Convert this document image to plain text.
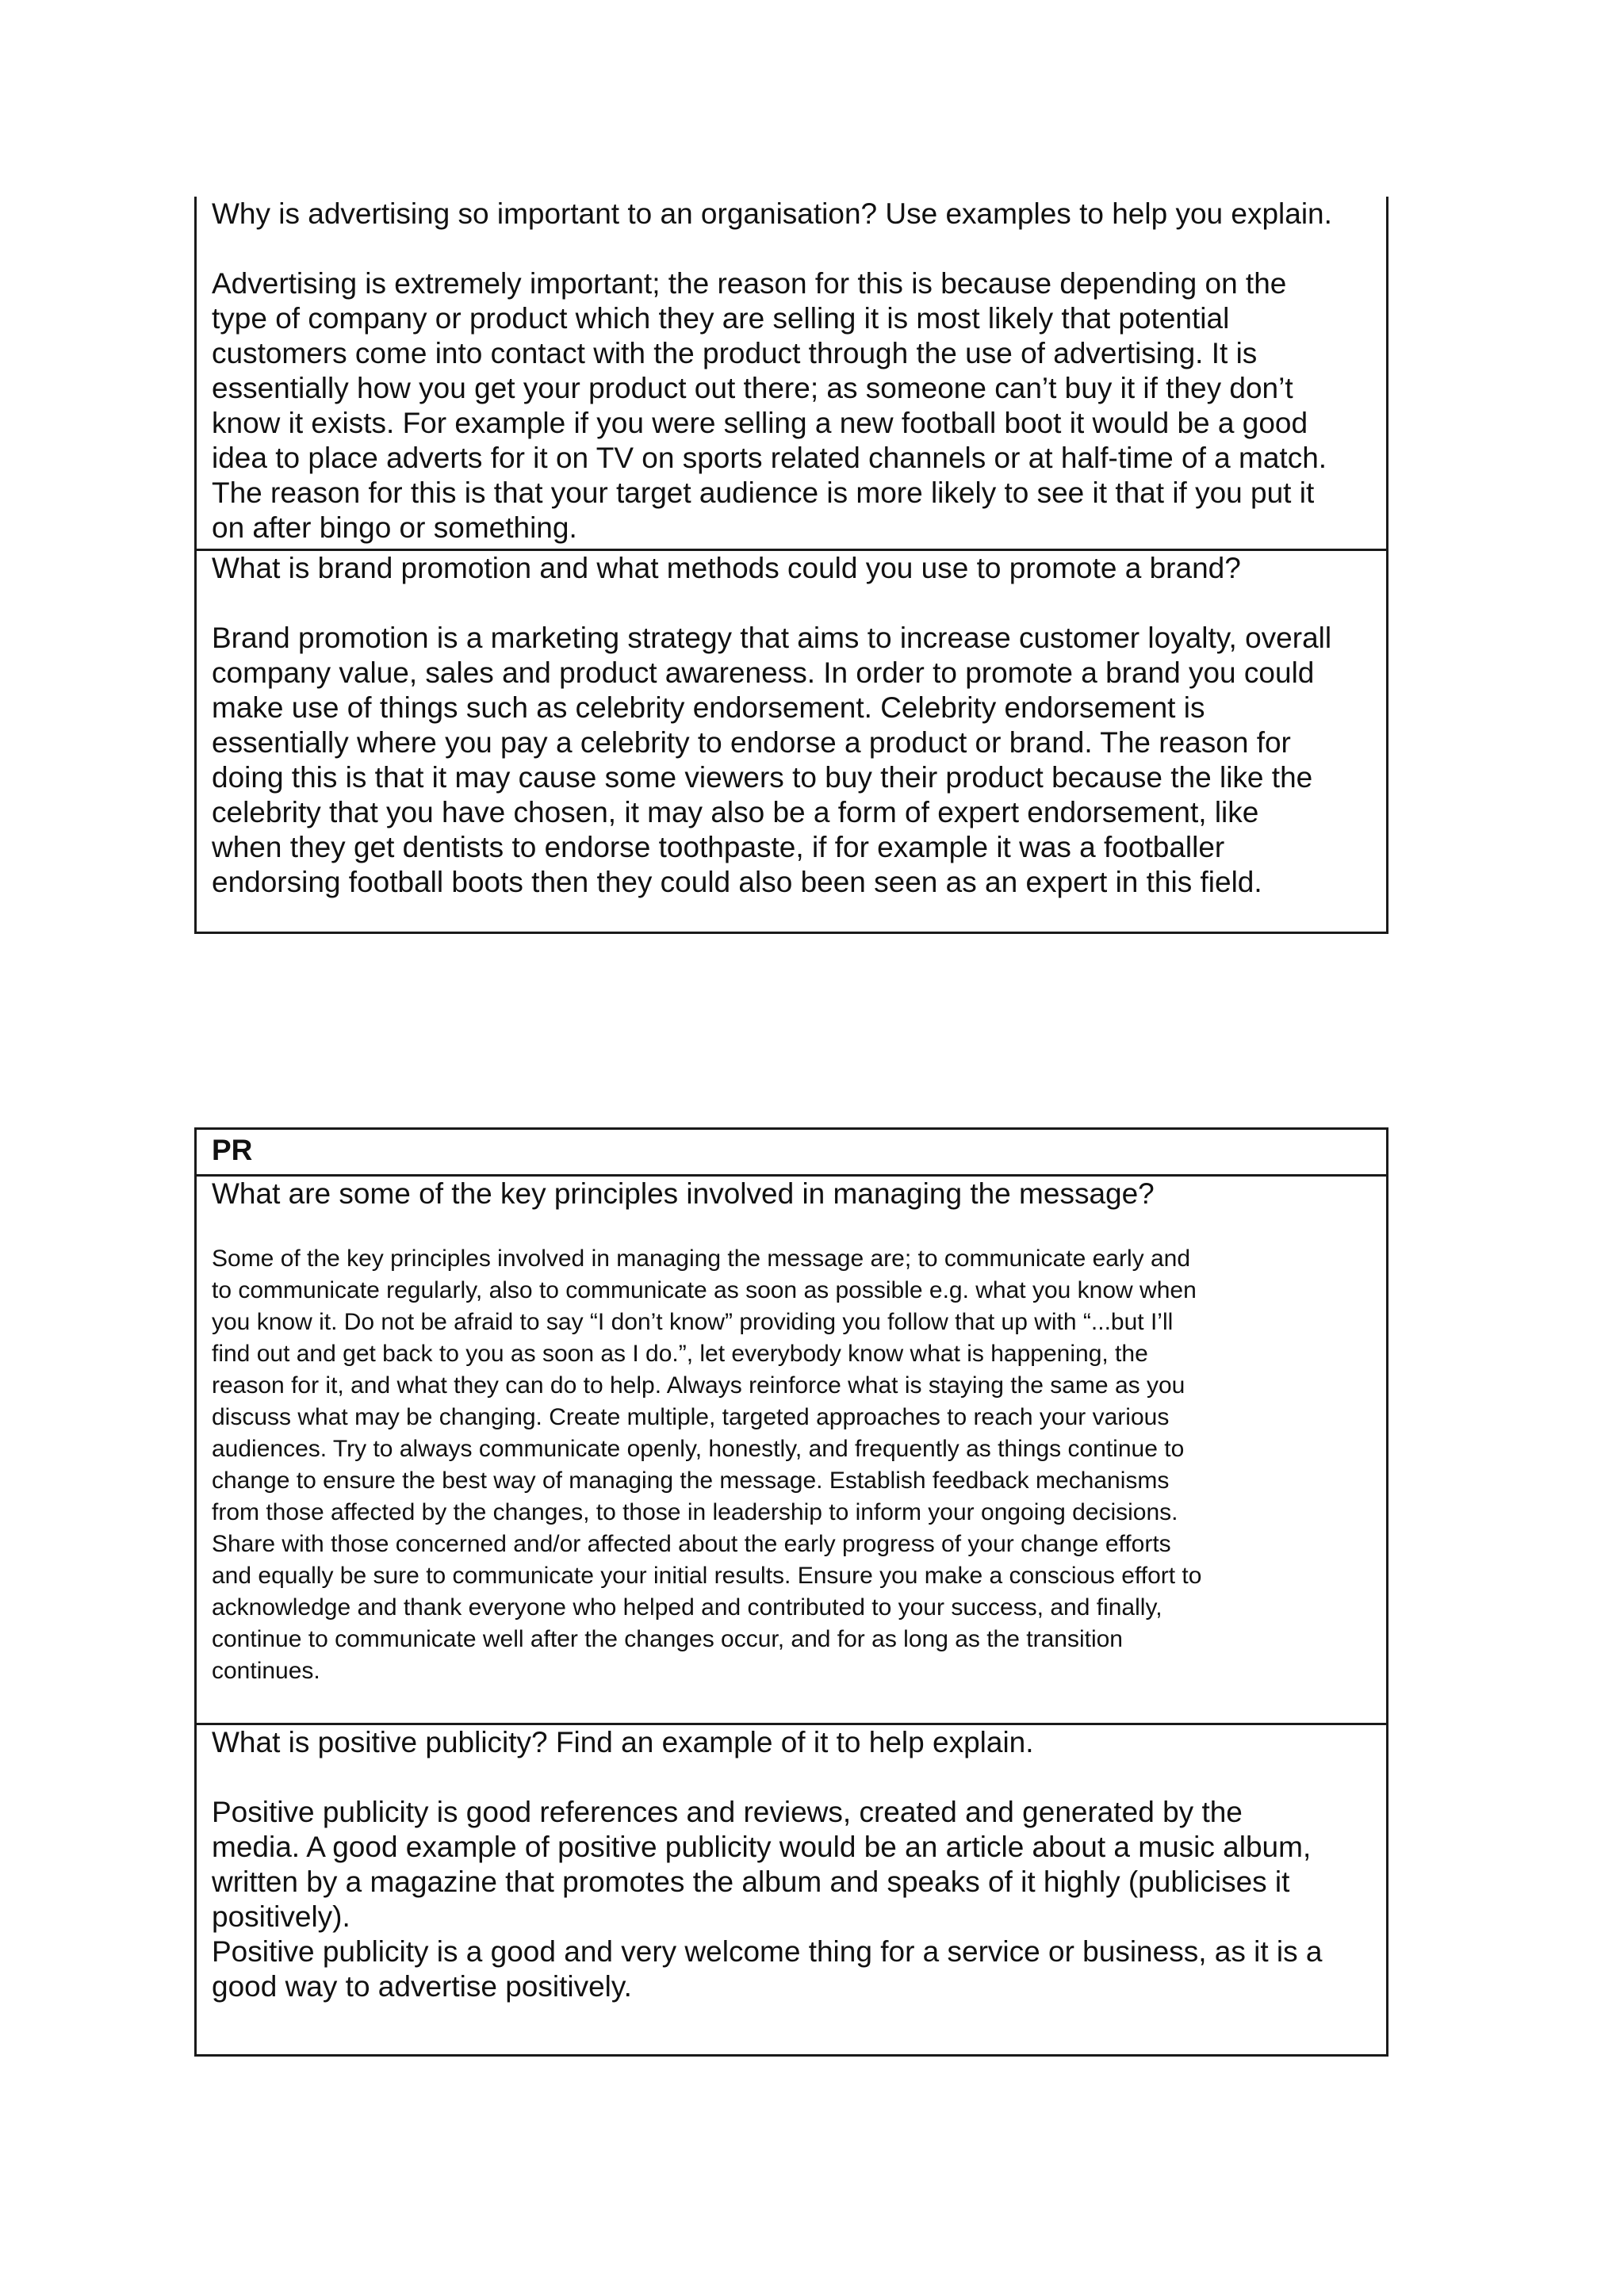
Why is advertising so important to an organisation? Use examples to help you explain.

Advertising is extremely important; the reason for this is because depending on the
type of company or product which they are selling it is most likely that potential
customers come into contact with the product through the use of advertising. It is
essentially how you get your product out there; as someone can’t buy it if they don’t
know it exists. For example if you were selling a new football boot it would be a good
idea to place adverts for it on TV on sports related channels or at half-time of a match.
The reason for this is that your target audience is more likely to see it that if you put it
on after bingo or something.

What is brand promotion and what methods could you use to promote a brand?

Brand promotion is a marketing strategy that aims to increase customer loyalty, overall
company value, sales and product awareness. In order to promote a brand you could
make use of things such as celebrity endorsement. Celebrity endorsement is
essentially where you pay a celebrity to endorse a product or brand. The reason for
doing this is that it may cause some viewers to buy their product because the like the
celebrity that you have chosen, it may also be a form of expert endorsement, like
when they get dentists to endorse toothpaste, if for example it was a footballer
endorsing football boots then they could also been seen as an expert in this field.

PR

What are some of the key principles involved in managing the message?

Some of the key principles involved in managing the message are; to communicate early and
to communicate regularly, also to communicate as soon as possible e.g. what you know when
you know it. Do not be afraid to say “I don’t know” providing you follow that up with “...but I’ll
find out and get back to you as soon as I do.”, let everybody know what is happening, the
reason for it, and what they can do to help. Always reinforce what is staying the same as you
discuss what may be changing. Create multiple, targeted approaches to reach your various
audiences. Try to always communicate openly, honestly, and frequently as things continue to
change to ensure the best way of managing the message. Establish feedback mechanisms
from those affected by the changes, to those in leadership to inform your ongoing decisions.
Share with those concerned and/or affected about the early progress of your change efforts
and equally be sure to communicate your initial results. Ensure you make a conscious effort to
acknowledge and thank everyone who helped and contributed to your success, and finally,
continue to communicate well after the changes occur, and for as long as the transition
continues.

What is positive publicity? Find an example of it to help explain.

Positive publicity is good references and reviews, created and generated by the
media. A good example of positive publicity would be an article about a music album,
written by a magazine that promotes the album and speaks of it highly (publicises it
positively).
Positive publicity is a good and very welcome thing for a service or business, as it is a
good way to advertise positively.
